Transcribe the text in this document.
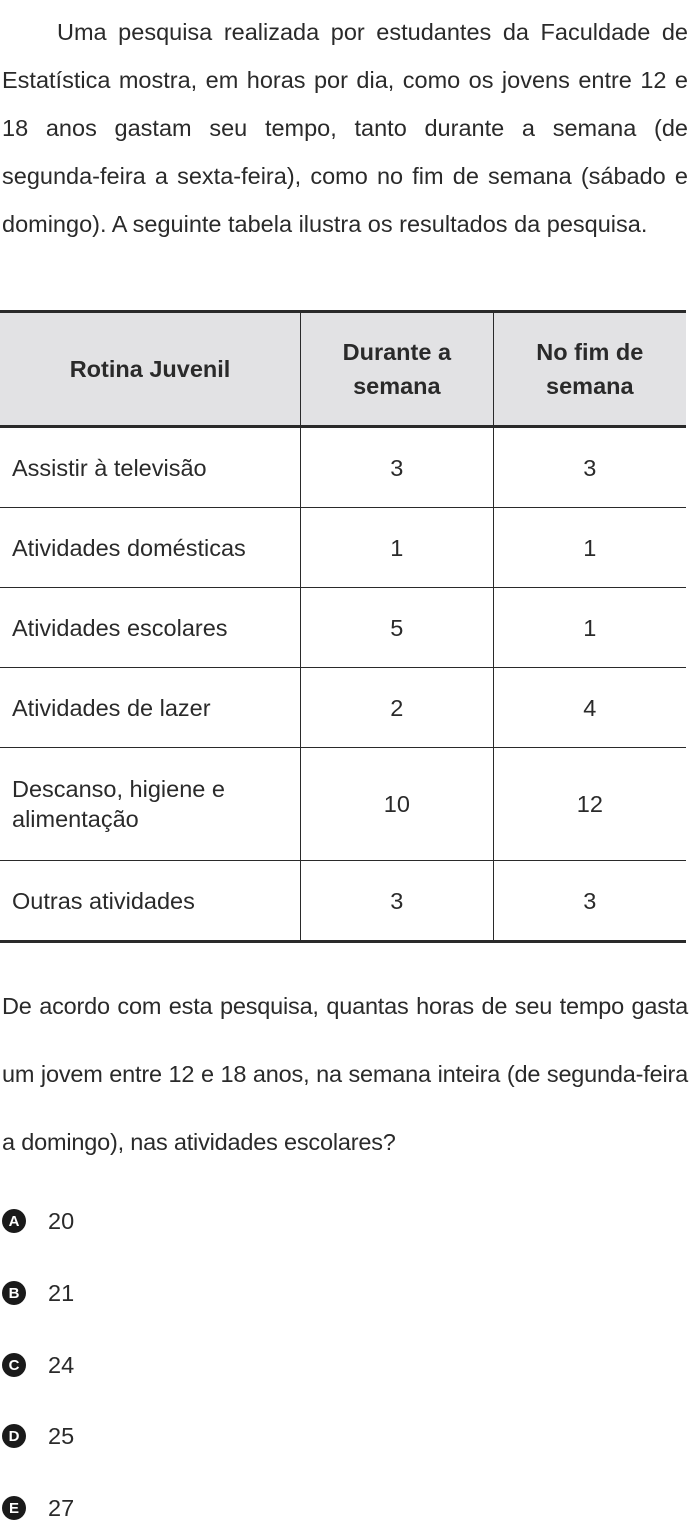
Uma pesquisa realizada por estudantes da Faculdade de Estatística mostra, em horas por dia, como os jovens entre 12 e 18 anos gastam seu tempo, tanto durante a semana (de segunda-feira a sexta-feira), como no fim de semana (sábado e domingo). A seguinte tabela ilustra os resultados da pesquisa.

Rotina Juvenil	Durante a semana	No fim de semana
Assistir à televisão	3	3
Atividades domésticas	1	1
Atividades escolares	5	1
Atividades de lazer	2	4
Descanso, higiene e alimentação	10	12
Outras atividades	3	3

De acordo com esta pesquisa, quantas horas de seu tempo gasta um jovem entre 12 e 18 anos, na semana inteira (de segunda-feira a domingo), nas atividades escolares?

A 20
B 21
C 24
D 25
E 27
